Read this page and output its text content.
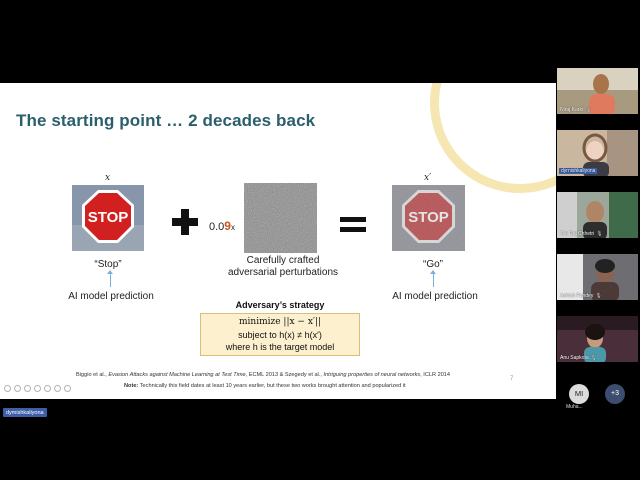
The starting point … 2 decades back
x	x′
STOP
0.09x
STOP
“Stop”
AI model prediction
Carefully crafted
adversarial perturbations
“Go”
AI model prediction
Adversary’s strategy
minimize ||x − x′||
subject to h(x) ≠ h(x′)
where h is the target model
Biggio et al., Evasion Attacks against Machine Learning at Test Time, ECML 2013 & Szegedy et al., Intriguing properties of neural networks, ICLR 2014
7
Note: Technically this field dates at least 10 years earlier, but these two works brought attention and popularized it
dymishkaliyona
Niraj Karki 🎙
dyrnishkaliyona
Tek Raj Chhetri 🎙
Ashish Pandey 🎙
Anu Sapkota 🎙
MI	+3
Muha...
